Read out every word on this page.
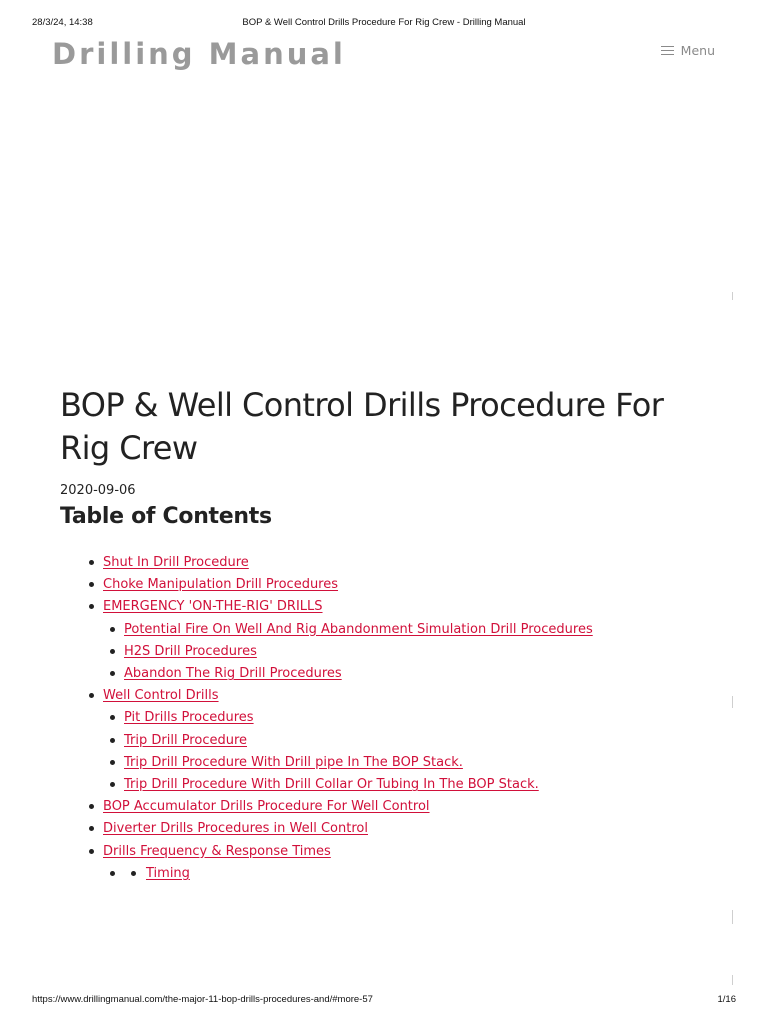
28/3/24, 14:38	BOP & Well Control Drills Procedure For Rig Crew - Drilling Manual
Drilling Manual	Menu
BOP & Well Control Drills Procedure For Rig Crew
2020-09-06
Table of Contents
Shut In Drill Procedure
Choke Manipulation Drill Procedures
EMERGENCY 'ON-THE-RIG' DRILLS
Potential Fire On Well And Rig Abandonment Simulation Drill Procedures
H2S Drill Procedures
Abandon The Rig Drill Procedures
Well Control Drills
Pit Drills Procedures
Trip Drill Procedure
Trip Drill Procedure With Drill pipe In The BOP Stack.
Trip Drill Procedure With Drill Collar Or Tubing In The BOP Stack.
BOP Accumulator Drills Procedure For Well Control
Diverter Drills Procedures in Well Control
Drills Frequency & Response Times
Timing
https://www.drillingmanual.com/the-major-11-bop-drills-procedures-and/#more-57	1/16
